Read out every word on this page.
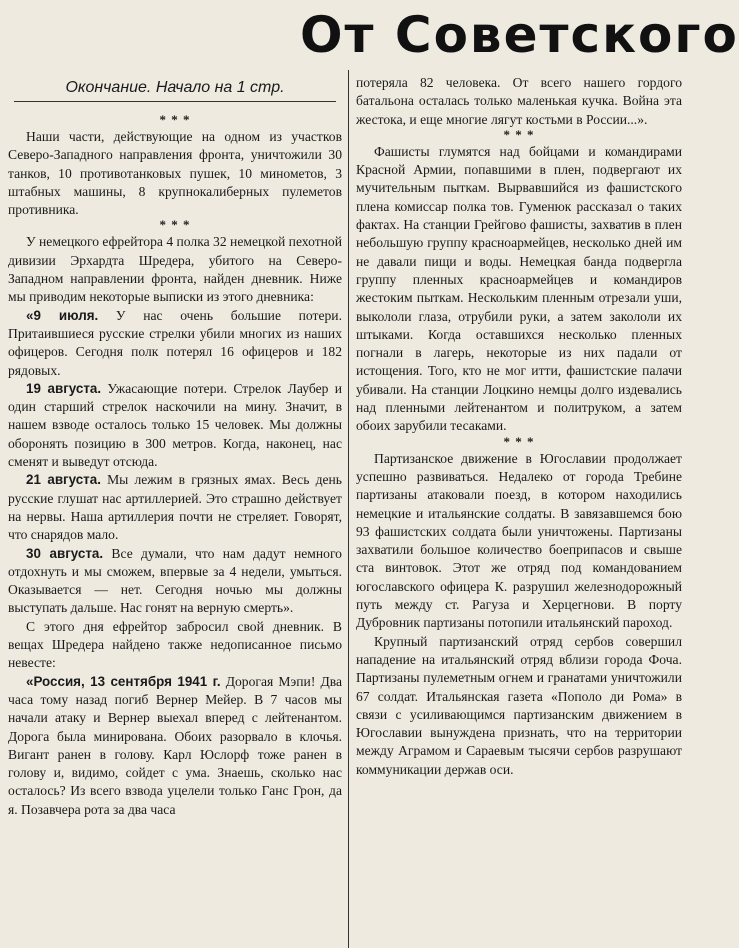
От Советского
Окончание. Начало на 1 стр.
* * *

Наши части, действующие на одном из участков Северо-Западного направления фронта, уничтожили 30 танков, 10 противотанковых пушек, 10 минометов, 3 штабных машины, 8 крупнокалиберных пулеметов противника.

* * *

У немецкого ефрейтора 4 полка 32 немецкой пехотной дивизии Эрхардта Шредера, убитого на Северо-Западном направлении фронта, найден дневник. Ниже мы приводим некоторые выписки из этого дневника:

«9 июля. У нас очень большие потери. Притаившиеся русские стрелки убили многих из наших офицеров. Сегодня полк потерял 16 офицеров и 182 рядовых.

19 августа. Ужасающие потери. Стрелок Лаубер и один старший стрелок наскочили на мину. Значит, в нашем взводе осталось только 15 человек. Мы должны оборонять позицию в 300 метров. Когда, наконец, нас сменят и выведут отсюда.

21 августа. Мы лежим в грязных ямах. Весь день русские глушат нас артиллерией. Это страшно действует на нервы. Наша артиллерия почти не стреляет. Говорят, что снарядов мало.

30 августа. Все думали, что нам дадут немного отдохнуть и мы сможем, впервые за 4 недели, умыться. Оказывается — нет. Сегодня ночью мы должны выступать дальше. Нас гонят на верную смерть».

С этого дня ефрейтор забросил свой дневник. В вещах Шредера найдено также недописанное письмо невесте:

«Россия, 13 сентября 1941 г. Дорогая Мэпи! Два часа тому назад погиб Вернер Мейер. В 7 часов мы начали атаку и Вернер выехал вперед с лейтенантом. Дорога была минирована. Обоих разорвало в клочья. Вигант ранен в голову. Карл Юслорф тоже ранен в голову и, видимо, сойдет с ума. Знаешь, сколько нас осталось? Из всего взвода уцелели только Ганс Грон, да я. Позавчера рота за два часа

потеряла 82 человека. От всего нашего гордого батальона осталась только маленькая кучка. Война эта жестока, и еще многие лягут костьми в России...».

* * *

Фашисты глумятся над бойцами и командирами Красной Армии, попавшими в плен, подвергают их мучительным пыткам. Вырвавшийся из фашистского плена комиссар полка тов. Гуменюк рассказал о таких фактах. На станции Грейгово фашисты, захватив в плен небольшую группу красноармейцев, несколько дней им не давали пищи и воды. Немецкая банда подвергла группу пленных красноармейцев и командиров жестоким пыткам. Нескольким пленным отрезали уши, выкололи глаза, отрубили руки, а затем закололи их штыками. Когда оставшихся несколько пленных погнали в лагерь, некоторые из них падали от истощения. Того, кто не мог итти, фашистские палачи убивали. На станции Лоцкино немцы долго издевались над пленными лейтенантом и политруком, а затем обоих зарубили тесаками.

* * *

Партизанское движение в Югославии продолжает успешно развиваться. Недалеко от города Требине партизаны атаковали поезд, в котором находились немецкие и итальянские солдаты. В завязавшемся бою 93 фашистских солдата были уничтожены. Партизаны захватили большое количество боеприпасов и свыше ста винтовок. Этот же отряд под командованием югославского офицера К. разрушил железнодорожный путь между ст. Рагуза и Херцегнови. В порту Дубровник партизаны потопили итальянский пароход.

Крупный партизанский отряд сербов совершил нападение на итальянский отряд вблизи города Фоча. Партизаны пулеметным огнем и гранатами уничтожили 67 солдат. Итальянская газета «Пополо ди Рома» в связи с усиливающимся партизанским движением в Югославии вынуждена признать, что на территории между Аграмом и Сараевым тысячи сербов разрушают коммуникации держав оси.
